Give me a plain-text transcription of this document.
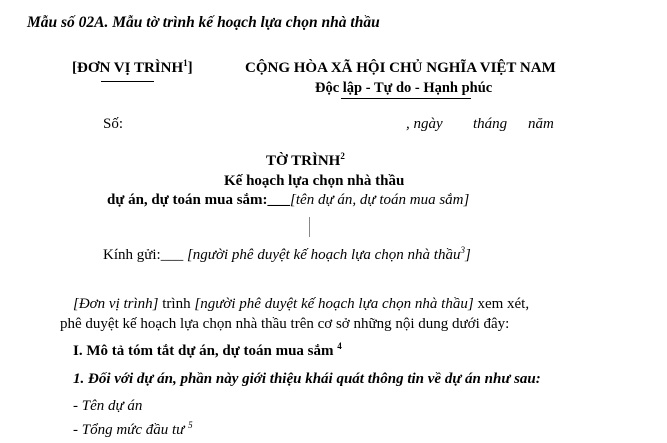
Mẫu số 02A. Mẫu tờ trình kế hoạch lựa chọn nhà thầu
[ĐƠN VỊ TRÌNH$^1$]	CỘNG HÒA XÃ HỘI CHỦ NGHĨA VIỆT NAM
Độc lập - Tự do - Hạnh phúc
Số:	, ngày tháng năm
TỜ TRÌNH$^2$
Kế hoạch lựa chọn nhà thầu
dự án, dự toán mua sắm:___[tên dự án, dự toán mua sắm]
Kính gửi:___ [người phê duyệt kế hoạch lựa chọn nhà thầu$^3$]
[Đơn vị trình] trình [người phê duyệt kế hoạch lựa chọn nhà thầu] xem xét,
phê duyệt kế hoạch lựa chọn nhà thầu trên cơ sở những nội dung dưới đây:
I. Mô tả tóm tắt dự án, dự toán mua sắm $^4$
1. Đối với dự án, phần này giới thiệu khái quát thông tin về dự án như sau:
- Tên dự án
- Tổng mức đầu tư $^5$
